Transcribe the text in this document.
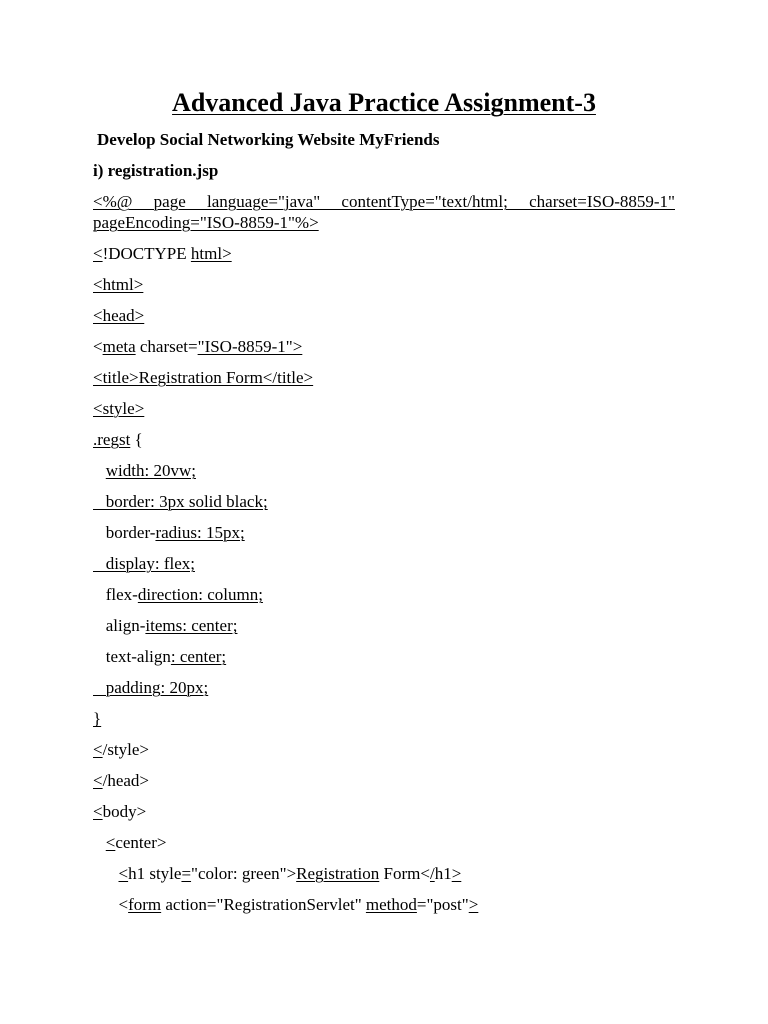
Advanced Java Practice Assignment-3

Develop Social Networking Website MyFriends

i) registration.jsp

<%@ page language="java" contentType="text/html; charset=ISO-8859-1" pageEncoding="ISO-8859-1"%>

<!DOCTYPE html>

<html>

<head>

<meta charset="ISO-8859-1">

<title>Registration Form</title>

<style>

.regst {

width: 20vw;

border: 3px solid black;

border-radius: 15px;

display: flex;

flex-direction: column;

align-items: center;

text-align: center;

padding: 20px;

}

</style>

</head>

<body>

<center>

<h1 style="color: green">Registration Form</h1>

<form action="RegistrationServlet" method="post">
